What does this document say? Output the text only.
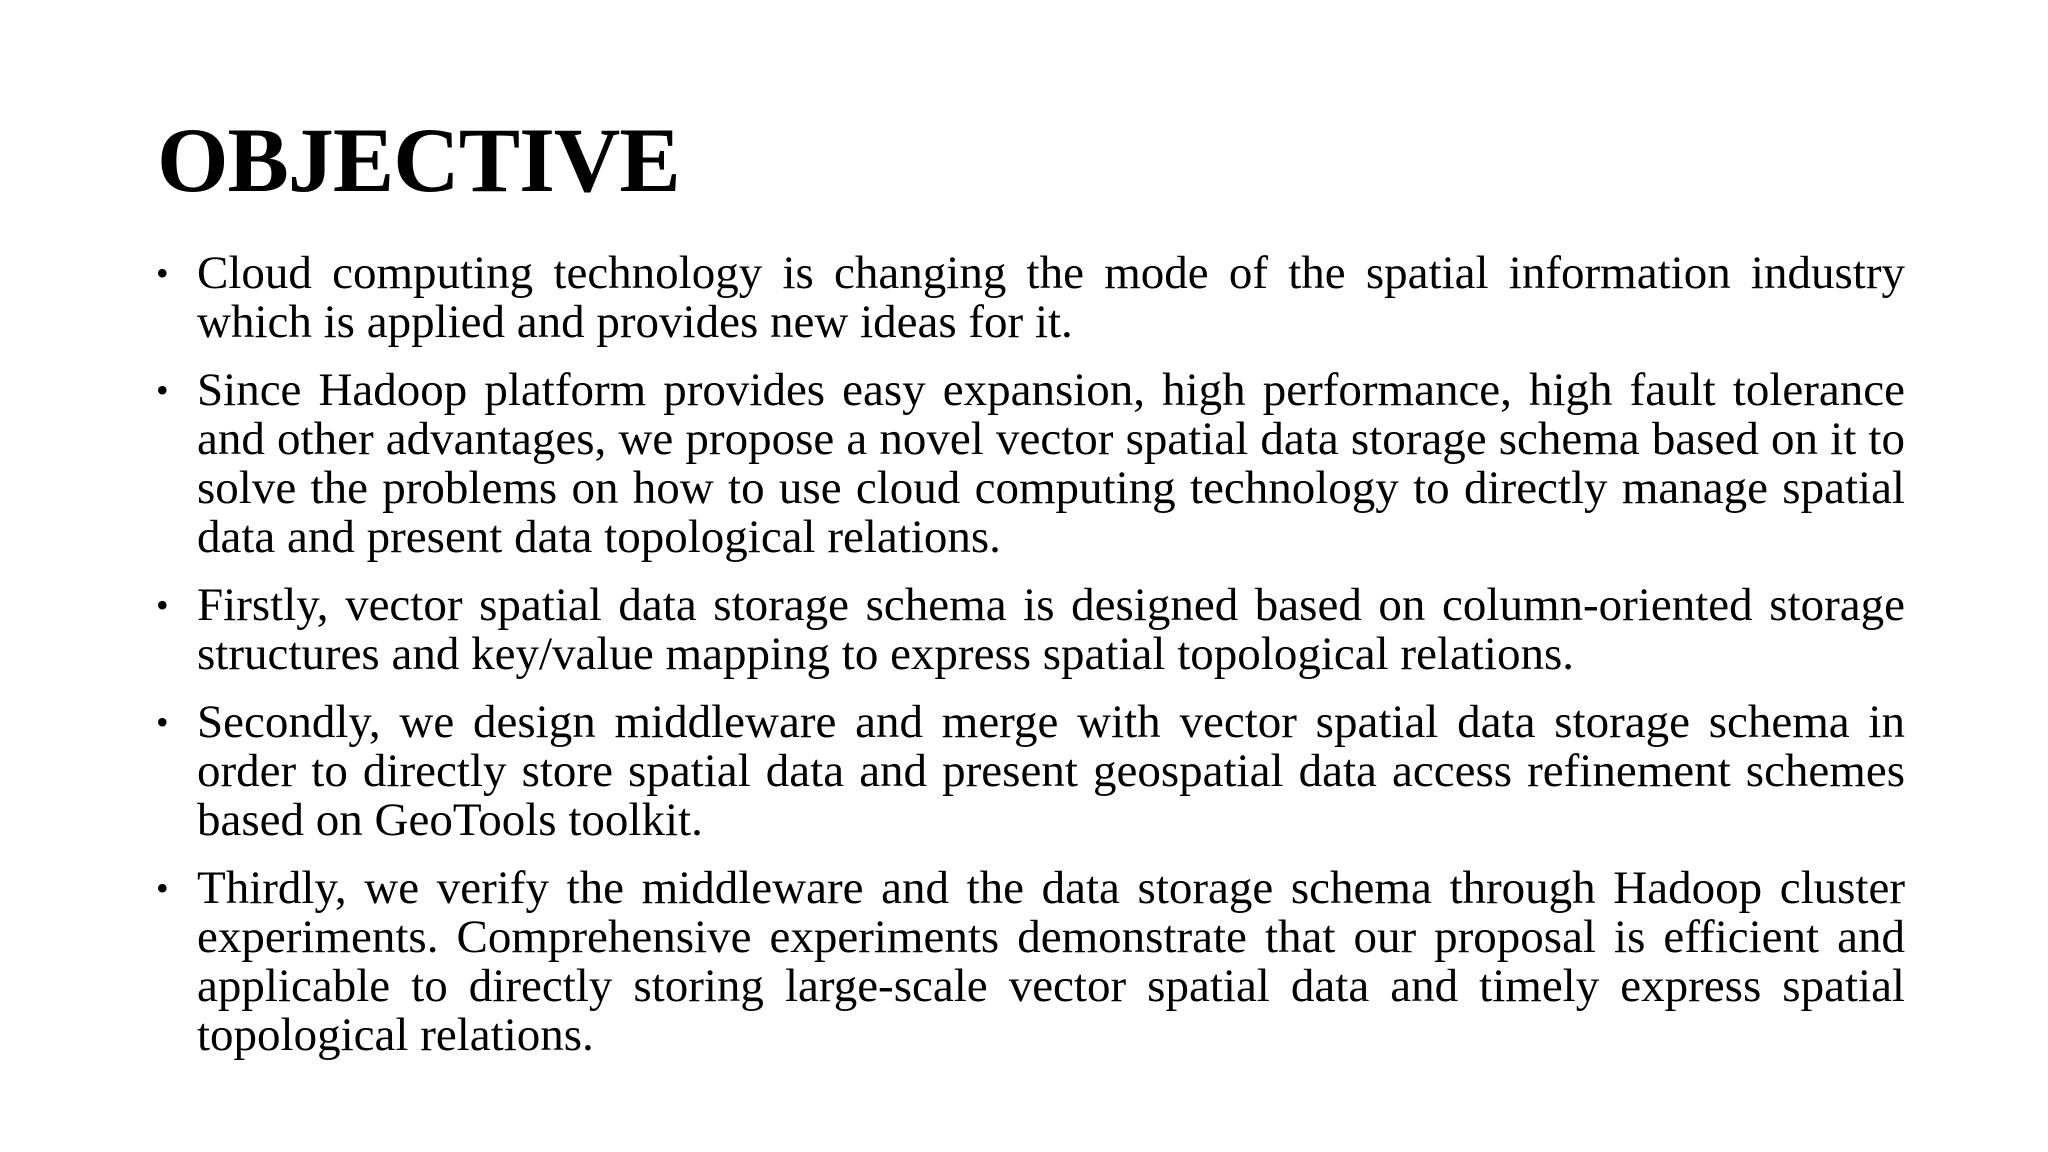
OBJECTIVE
• Cloud computing technology is changing the mode of the spatial information industry which is applied and provides new ideas for it.
• Since Hadoop platform provides easy expansion, high performance, high fault tolerance and other advantages, we propose a novel vector spatial data storage schema based on it to solve the problems on how to use cloud computing technology to directly manage spatial data and present data topological relations.
• Firstly, vector spatial data storage schema is designed based on column-oriented storage structures and key/value mapping to express spatial topological relations.
• Secondly, we design middleware and merge with vector spatial data storage schema in order to directly store spatial data and present geospatial data access refinement schemes based on GeoTools toolkit.
• Thirdly, we verify the middleware and the data storage schema through Hadoop cluster experiments. Comprehensive experiments demonstrate that our proposal is efficient and applicable to directly storing large-scale vector spatial data and timely express spatial topological relations.
